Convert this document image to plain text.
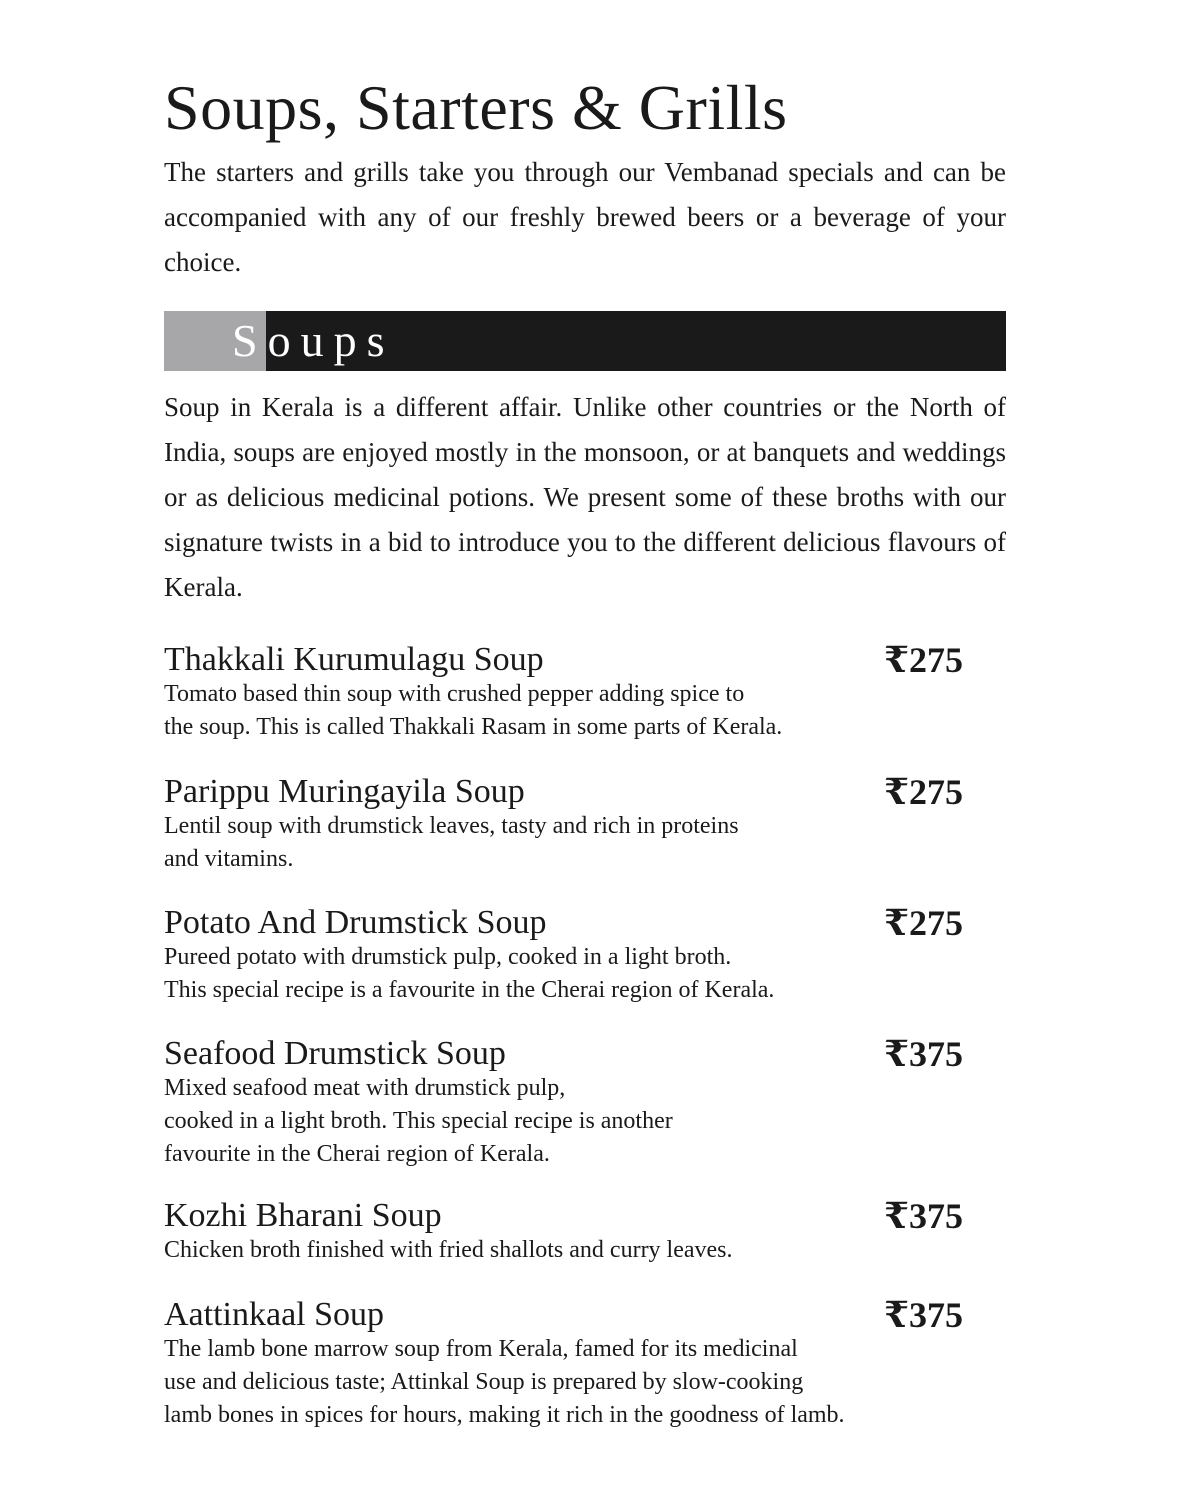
Soups, Starters & Grills

The starters and grills take you through our Vembanad specials and can be accompanied with any of our freshly brewed beers or a beverage of your choice.

Soups

Soup in Kerala is a different affair. Unlike other countries or the North of India, soups are enjoyed mostly in the monsoon, or at banquets and weddings or as delicious medicinal potions. We present some of these broths with our signature twists in a bid to introduce you to the different delicious flavours of Kerala.

Thakkali Kurumulagu Soup	₹275
Tomato based thin soup with crushed pepper adding spice to
the soup. This is called Thakkali Rasam in some parts of Kerala.
Parippu Muringayila Soup	₹275
Lentil soup with drumstick leaves, tasty and rich in proteins
and vitamins.
Potato And Drumstick Soup	₹275
Pureed potato with drumstick pulp, cooked in a light broth.
This special recipe is a favourite in the Cherai region of Kerala.
Seafood Drumstick Soup	₹375
Mixed seafood meat with drumstick pulp,
cooked in a light broth. This special recipe is another
favourite in the Cherai region of Kerala.
Kozhi Bharani Soup	₹375
Chicken broth finished with fried shallots and curry leaves.
Aattinkaal Soup	₹375
The lamb bone marrow soup from Kerala, famed for its medicinal
use and delicious taste; Attinkal Soup is prepared by slow-cooking
lamb bones in spices for hours, making it rich in the goodness of lamb.
